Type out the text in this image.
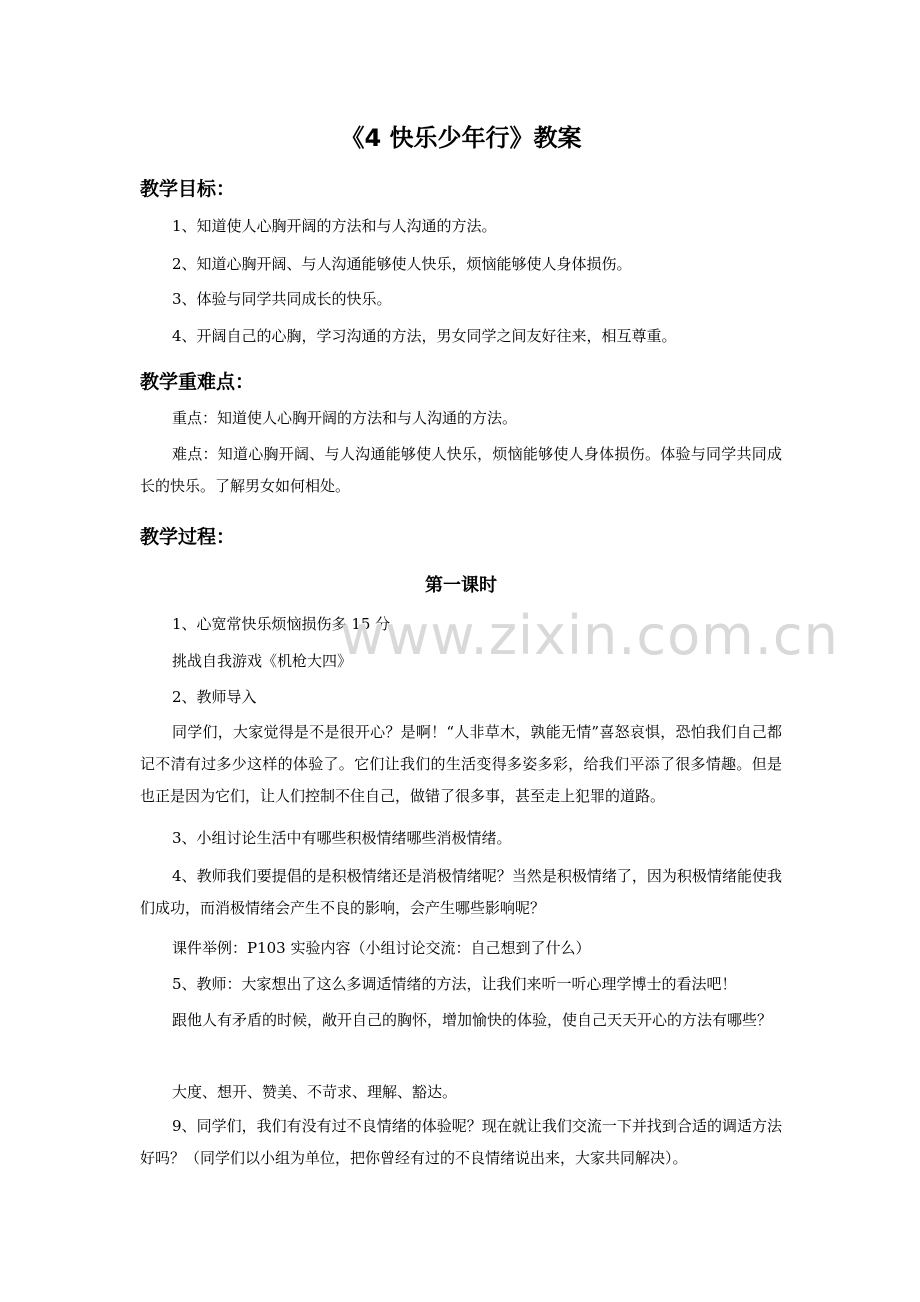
《4 快乐少年行》教案
教学目标：

1、知道使人心胸开阔的方法和与人沟通的方法。

2、知道心胸开阔、与人沟通能够使人快乐，烦恼能够使人身体损伤。

3、体验与同学共同成长的快乐。

4、开阔自己的心胸，学习沟通的方法，男女同学之间友好往来，相互尊重。

教学重难点：

重点：知道使人心胸开阔的方法和与人沟通的方法。

难点：知道心胸开阔、与人沟通能够使人快乐，烦恼能够使人身体损伤。体验与同学共同成长的快乐。了解男女如何相处。

教学过程：
第一课时

1、心宽常快乐烦恼损伤多 15 分

挑战自我游戏《机枪大四》

2、教师导入

同学们，大家觉得是不是很开心？是啊！“人非草木，孰能无情”喜怒哀惧，恐怕我们自己都记不清有过多少这样的体验了。它们让我们的生活变得多姿多彩，给我们平添了很多情趣。但是也正是因为它们，让人们控制不住自己，做错了很多事，甚至走上犯罪的道路。

3、小组讨论生活中有哪些积极情绪哪些消极情绪。

4、教师我们要提倡的是积极情绪还是消极情绪呢？当然是积极情绪了，因为积极情绪能使我们成功，而消极情绪会产生不良的影响，会产生哪些影响呢？

课件举例：P103 实验内容（小组讨论交流：自己想到了什么）

5、教师：大家想出了这么多调适情绪的方法，让我们来听一听心理学博士的看法吧！

跟他人有矛盾的时候，敞开自己的胸怀，增加愉快的体验，使自己天天开心的方法有哪些？

大度、想开、赞美、不苛求、理解、豁达。

9、同学们，我们有没有过不良情绪的体验呢？现在就让我们交流一下并找到合适的调适方法好吗？（同学们以小组为单位，把你曾经有过的不良情绪说出来，大家共同解决）。

www.zixin.com.cn
